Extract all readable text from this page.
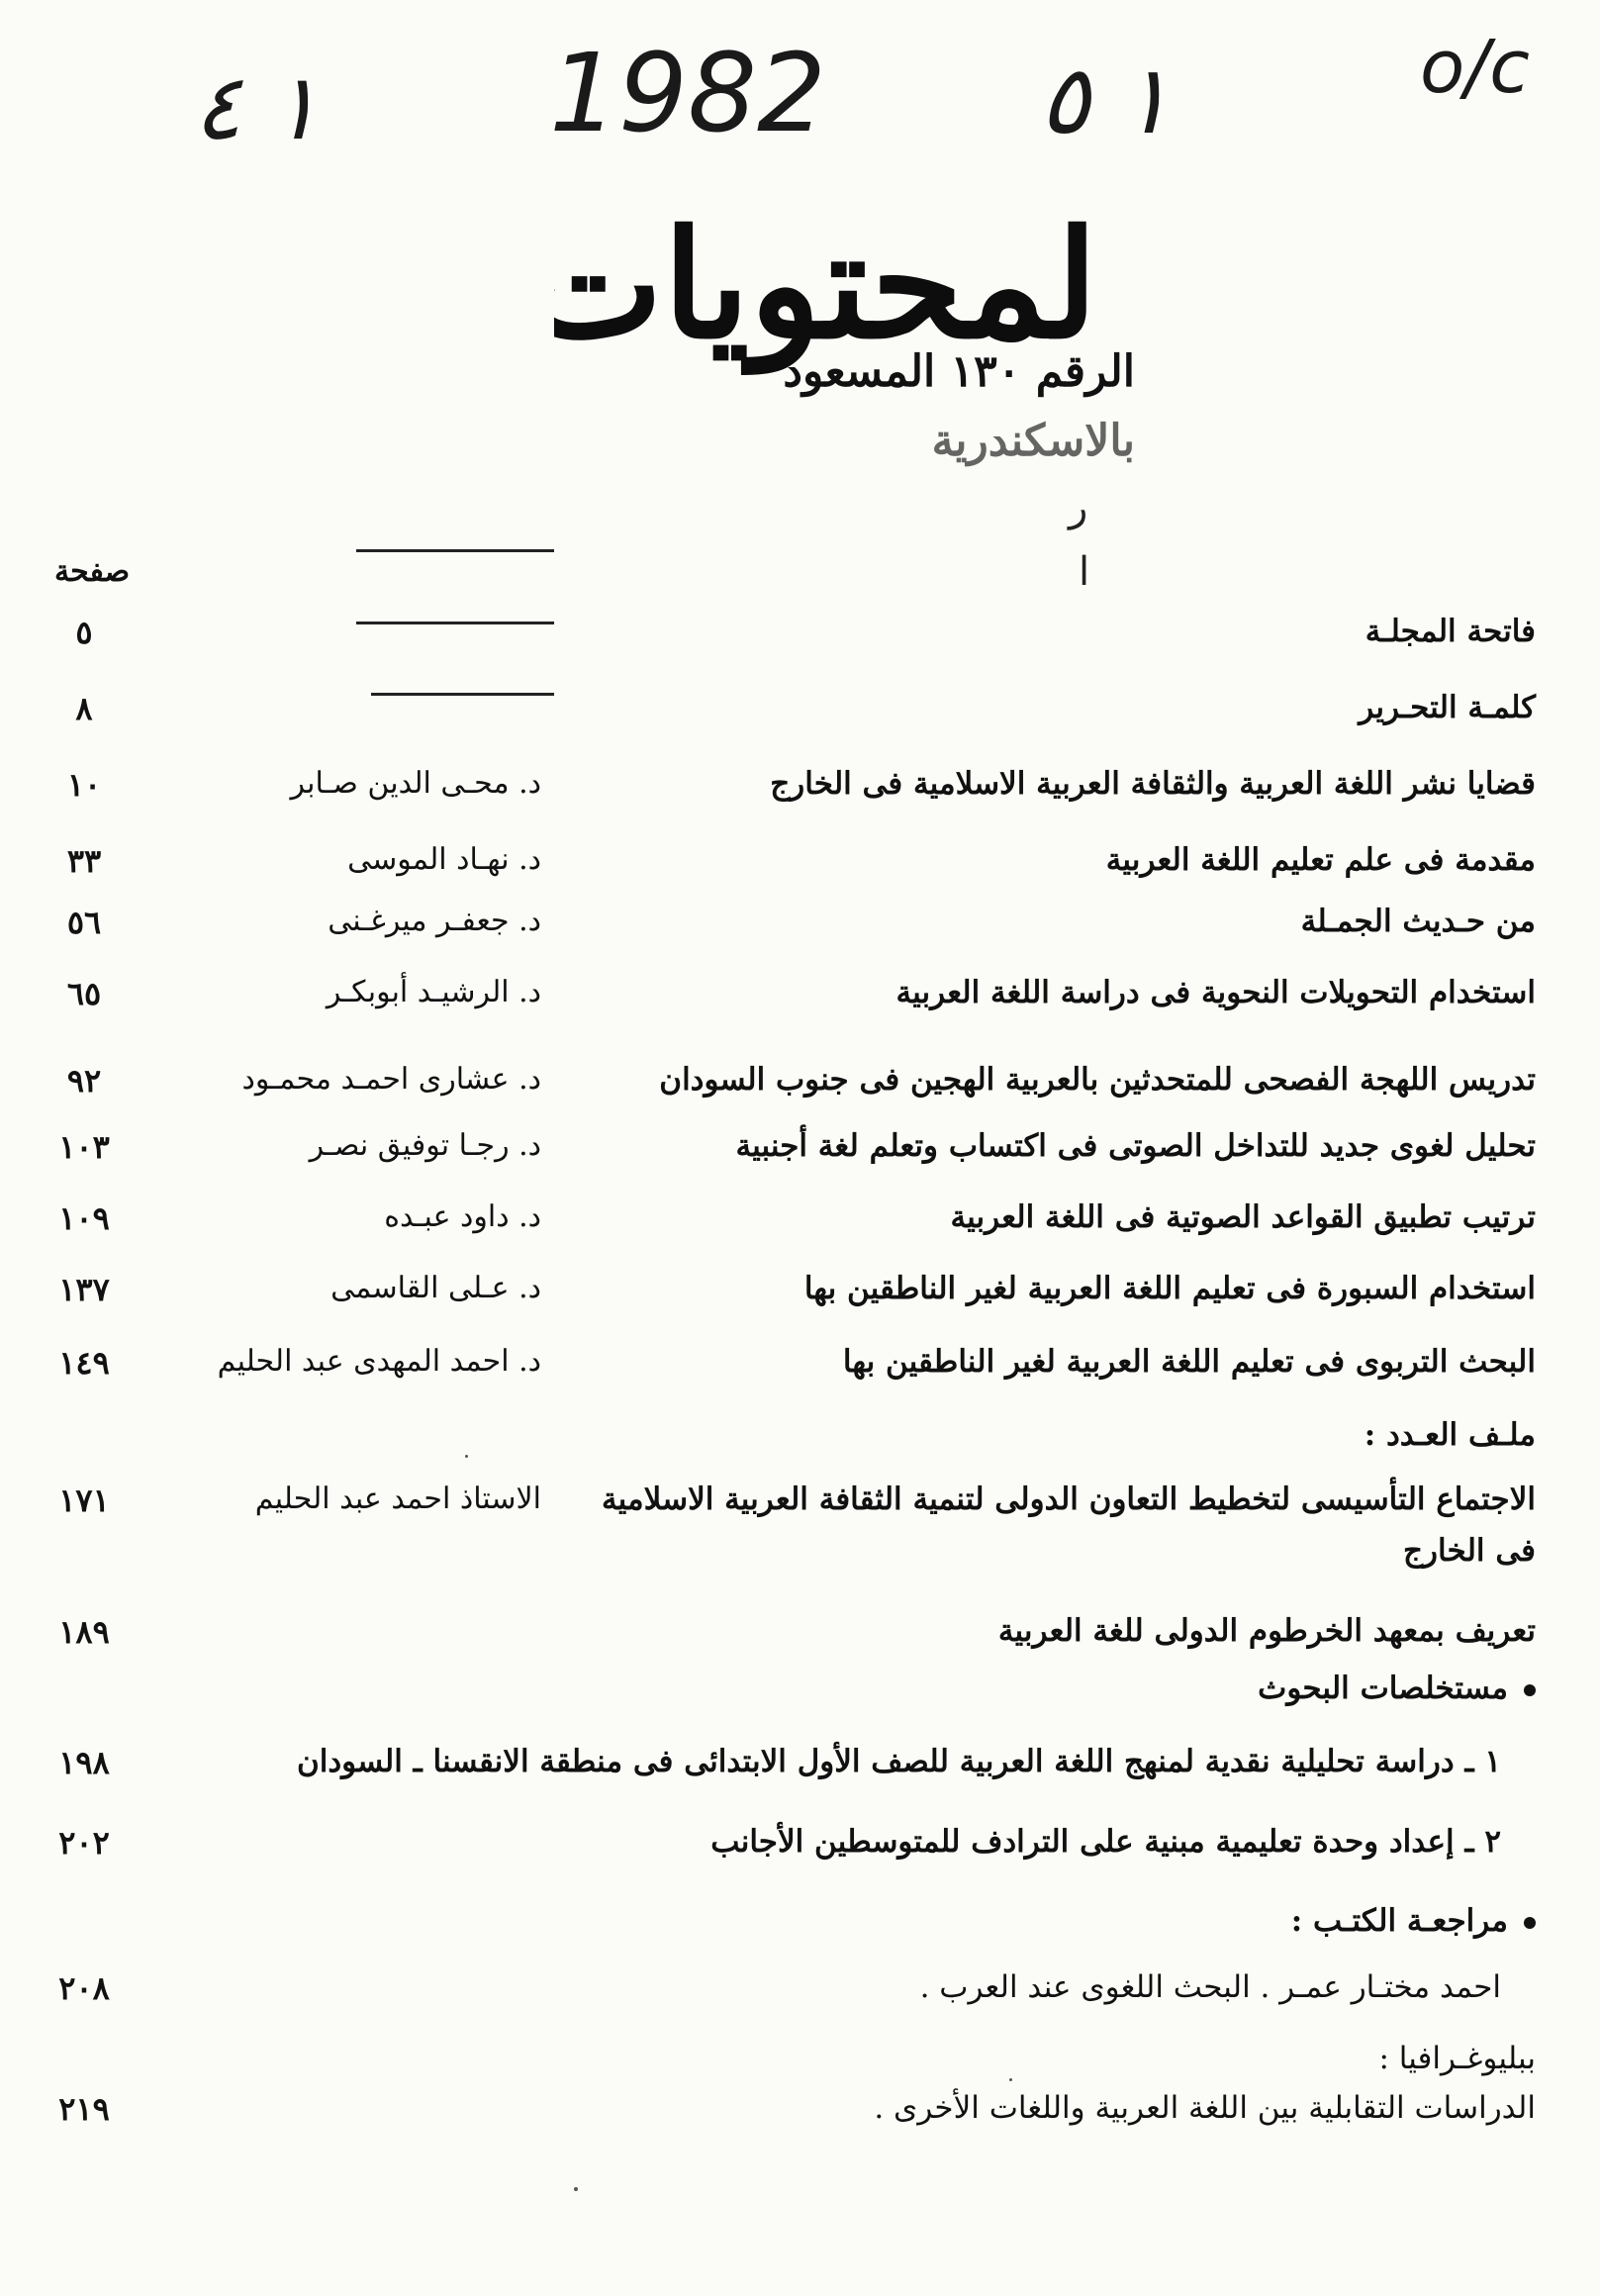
١ ٤ 1982 ١ ٥	o/c
لمحتويات	الرقم ١٣٠ المسعود
بالاسكندرية
ر
ا
صفحة
فاتحة المجلـة
٥
كلمـة التحـرير
٨
قضايا نشر اللغة العربية والثقافة العربية الاسلامية فى الخارج
د. محـى الدين صـابر
١٠
مقدمة فى علم تعليم اللغة العربية
د. نهـاد الموسى
٣٣
من حـديث الجمـلة
د. جعفـر ميرغـنى
٥٦
استخدام التحويلات النحوية فى دراسة اللغة العربية
د. الرشيـد أبوبكـر
٦٥
تدريس اللهجة الفصحى للمتحدثين بالعربية الهجين فى جنوب السودان
د. عشارى احمـد محمـود
٩٢
تحليل لغوى جديد للتداخل الصوتى فى اكتساب وتعلم لغة أجنبية
د. رجـا توفيق نصـر
١٠٣
ترتيب تطبيق القواعد الصوتية فى اللغة العربية
د. داود عبـده
١٠٩
استخدام السبورة فى تعليم اللغة العربية لغير الناطقين بها
د. عـلى القاسمى
١٣٧
البحث التربوى فى تعليم اللغة العربية لغير الناطقين بها
د. احمد المهدى عبد الحليم
١٤٩
ملـف العـدد :
الاجتماع التأسيسى لتخطيط التعاون الدولى لتنمية الثقافة العربية الاسلامية
فى الخارج
الاستاذ احمد عبد الحليم
١٧١
تعريف بمعهد الخرطوم الدولى للغة العربية
١٨٩
مستخلصات البحوث
١ ـ دراسة تحليلية نقدية لمنهج اللغة العربية للصف الأول الابتدائى فى منطقة الانقسنا ـ السودان
١٩٨
٢ ـ إعداد وحدة تعليمية مبنية على الترادف للمتوسطين الأجانب
٢٠٢
مراجعـة الكتـب :
احمد مختـار عمـر . البحث اللغوى عند العرب .
٢٠٨
ببليوغـرافيا :
الدراسات التقابلية بين اللغة العربية واللغات الأخرى .
٢١٩
